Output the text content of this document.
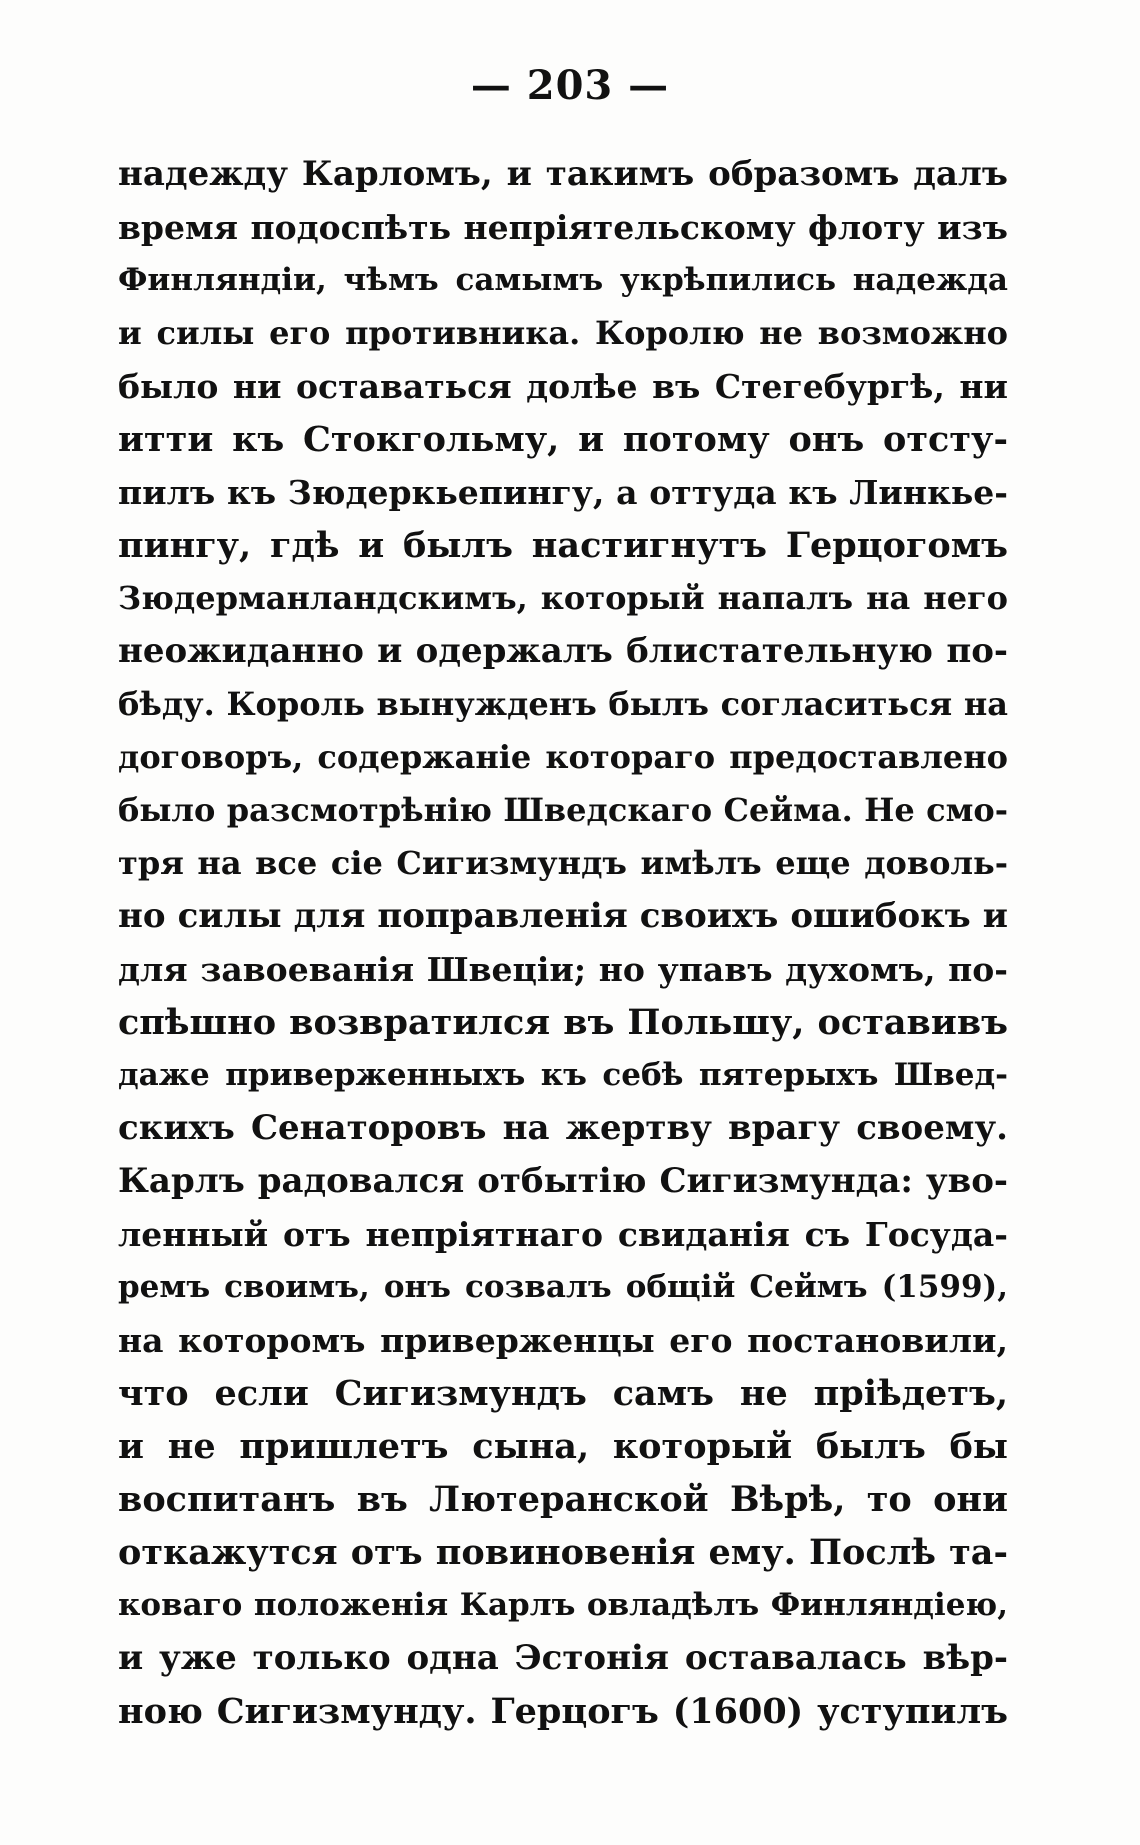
— 203 —
надежду Карломъ, и такимъ образомъ далъ
время подоспѣть непріятельскому флоту изъ
Финляндіи, чѣмъ самымъ укрѣпились надежда
и силы его противника. Королю не возможно
было ни оставаться долѣе въ Стегебургѣ, ни
итти къ Стокгольму, и потому онъ отсту-
пилъ къ Зюдеркьепингу, а оттуда къ Линкье-
пингу, гдѣ и былъ настигнутъ Герцогомъ
Зюдерманландскимъ, который напалъ на него
неожиданно и одержалъ блистательную по-
бѣду. Король вынужденъ былъ согласиться на
договоръ, содержаніе котораго предоставлено
было разсмотрѣнію Шведскаго Сейма. Не смо-
тря на все сіе Сигизмундъ имѣлъ еще доволь-
но силы для поправленія своихъ ошибокъ и
для завоеванія Швеціи; но упавъ духомъ, по-
спѣшно возвратился въ Польшу, оставивъ
даже приверженныхъ къ себѣ пятерыхъ Швед-
скихъ Сенаторовъ на жертву врагу своему.
Карлъ радовался отбытію Сигизмунда: уво-
ленный отъ непріятнаго свиданія съ Госуда-
ремъ своимъ, онъ созвалъ общій Сеймъ (1599),
на которомъ приверженцы его постановили,
что если Сигизмундъ самъ не пріѣдетъ,
и не пришлетъ сына, который былъ бы
воспитанъ въ Лютеранской Вѣрѣ, то они
откажутся отъ повиновенія ему. Послѣ та-
коваго положенія Карлъ овладѣлъ Финляндіею,
и уже только одна Эстонія оставалась вѣр-
ною Сигизмунду. Герцогъ (1600) уступилъ
